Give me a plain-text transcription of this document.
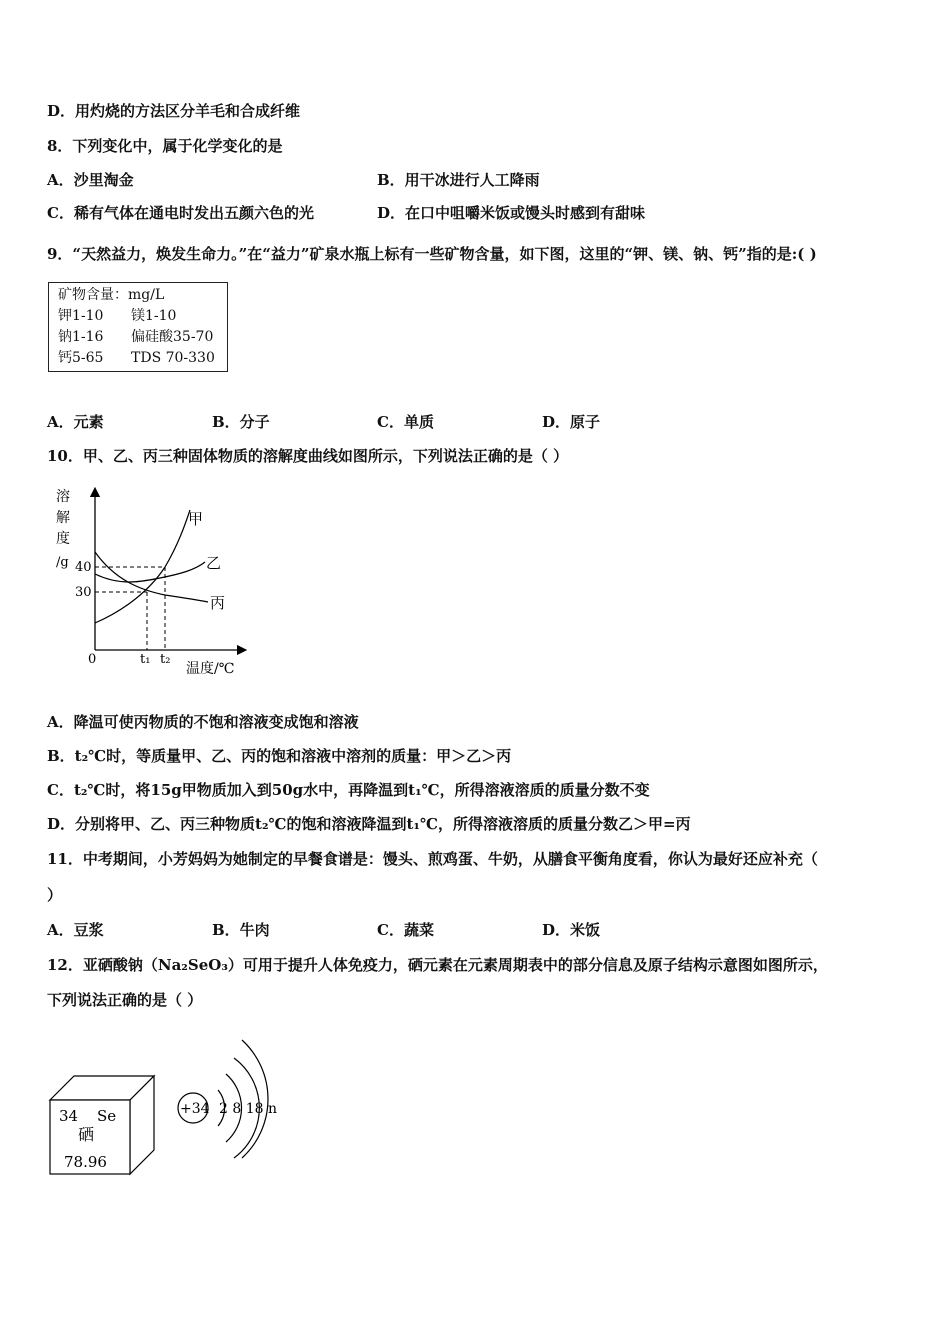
D．用灼烧的方法区分羊毛和合成纤维
8．下列变化中，属于化学变化的是
A．沙里淘金	B．用干冰进行人工降雨
C．稀有气体在通电时发出五颜六色的光	D．在口中咀嚼米饭或馒头时感到有甜味
9．“天然益力，焕发生命力。”在“益力”矿泉水瓶上标有一些矿物含量，如下图，这里的“钾、镁、钠、钙”指的是:( )
矿物含量：mg/L
钾1-10 镁1-10
钠1-16 偏硅酸35-70
钙5-65 TDS 70-330
A．元素	B．分子	C．单质	D．原子
10．甲、乙、丙三种固体物质的溶解度曲线如图所示，下列说法正确的是（ ）
溶
解
度
/g 40
30
0	t₁ t₂
温度/℃
甲
乙
丙
A．降温可使丙物质的不饱和溶液变成饱和溶液
B．t₂℃时，等质量甲、乙、丙的饱和溶液中溶剂的质量：甲＞乙＞丙
C．t₂℃时，将15g甲物质加入到50g水中，再降温到t₁℃，所得溶液溶质的质量分数不变
D．分别将甲、乙、丙三种物质t₂℃的饱和溶液降温到t₁℃，所得溶液溶质的质量分数乙＞甲=丙
11．中考期间，小芳妈妈为她制定的早餐食谱是：馒头、煎鸡蛋、牛奶，从膳食平衡角度看，你认为最好还应补充（
）
A．豆浆	B．牛肉	C．蔬菜	D．米饭
12．亚硒酸钠（Na₂SeO₃）可用于提升人体免疫力，硒元素在元素周期表中的部分信息及原子结构示意图如图所示，
下列说法正确的是（ ）
34 Se
硒
78.96
+34 2 8 18 n
